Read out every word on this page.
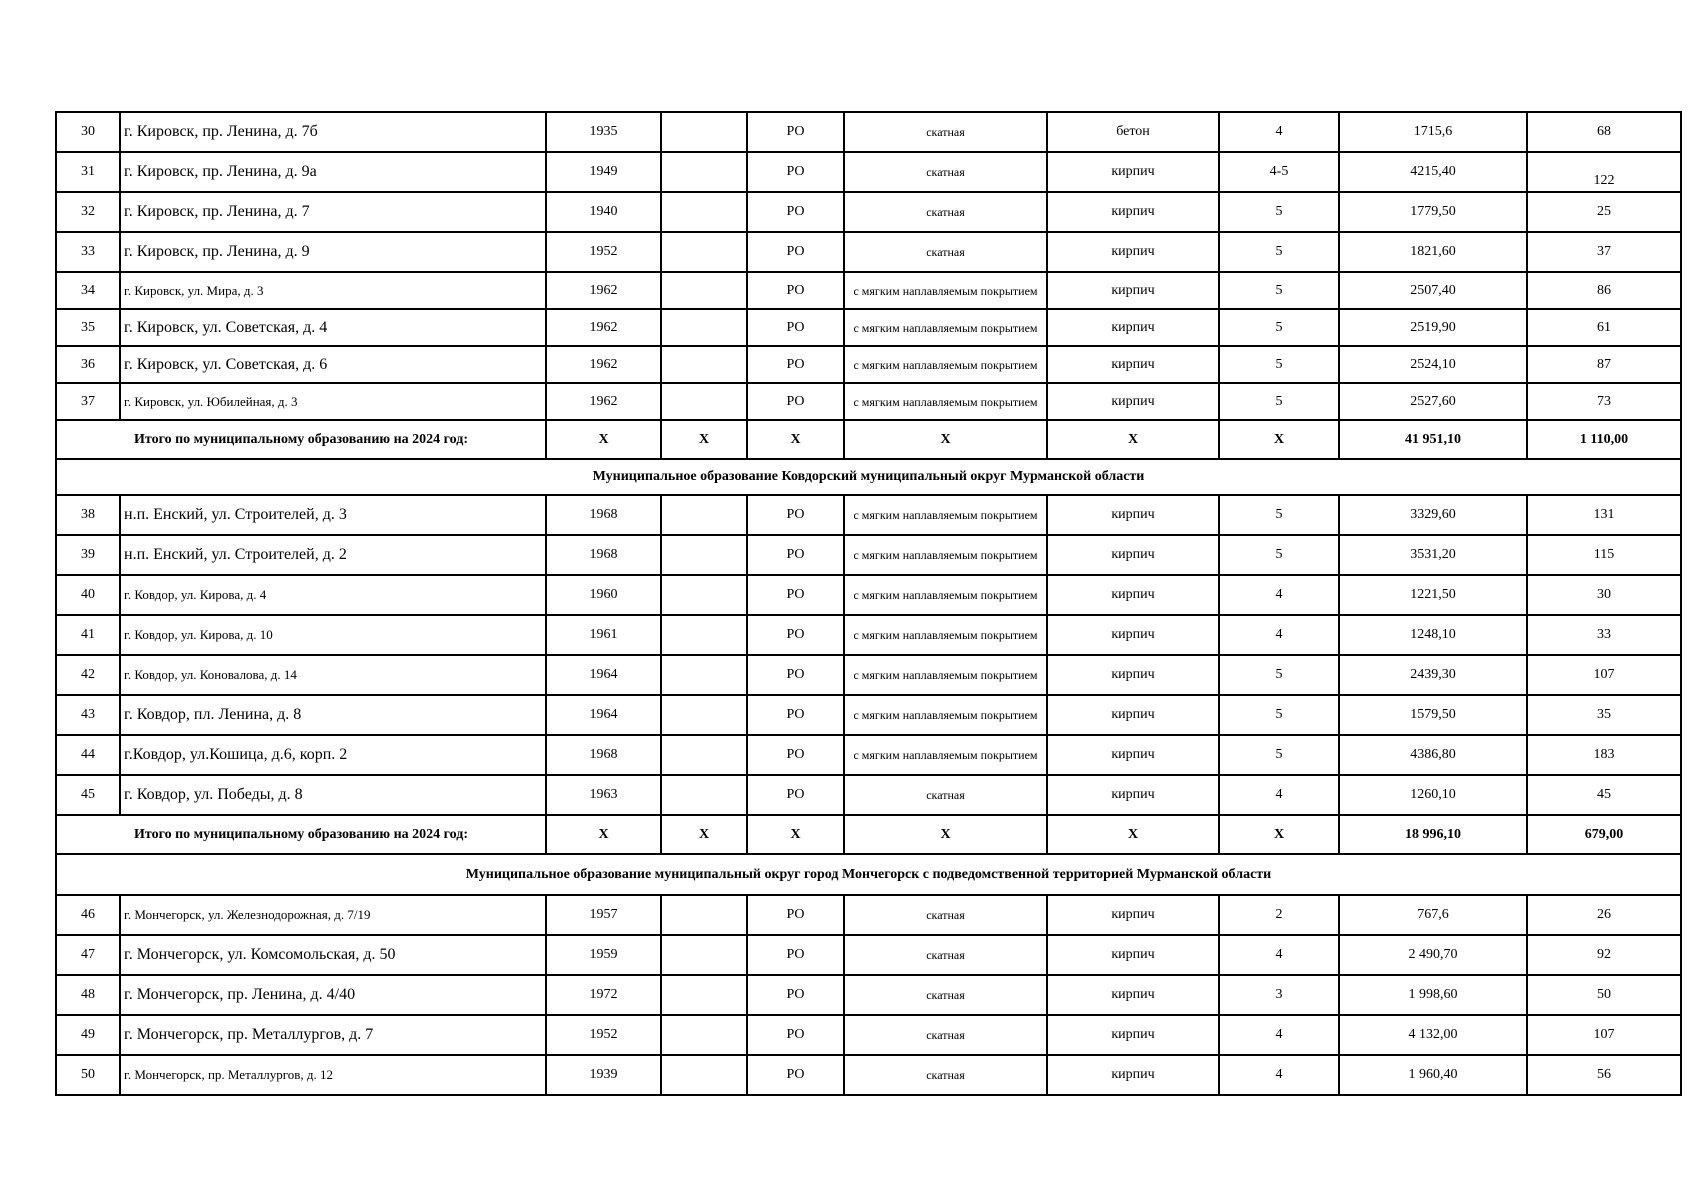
30	г. Кировск, пр. Ленина, д. 7б	1935		РО	скатная	бетон	4	1715,6	68
31	г. Кировск, пр. Ленина, д. 9а	1949		РО	скатная	кирпич	4-5	4215,40	122
32	г. Кировск, пр. Ленина, д. 7	1940		РО	скатная	кирпич	5	1779,50	25
33	г. Кировск, пр. Ленина, д. 9	1952		РО	скатная	кирпич	5	1821,60	37
34	г. Кировск, ул. Мира, д. 3	1962		РО	с мягким наплавляемым покрытием	кирпич	5	2507,40	86
35	г. Кировск, ул. Советская, д. 4	1962		РО	с мягким наплавляемым покрытием	кирпич	5	2519,90	61
36	г. Кировск, ул. Советская, д. 6	1962		РО	с мягким наплавляемым покрытием	кирпич	5	2524,10	87
37	г. Кировск, ул. Юбилейная, д. 3	1962		РО	с мягким наплавляемым покрытием	кирпич	5	2527,60	73
Итого по муниципальному образованию на 2024 год:		X	X	X	X	X	X	41 951,10	1 110,00
Муниципальное образование Ковдорский муниципальный округ Мурманской области									
38	н.п. Енский, ул. Строителей, д. 3	1968		РО	с мягким наплавляемым покрытием	кирпич	5	3329,60	131
39	н.п. Енский, ул. Строителей, д. 2	1968		РО	с мягким наплавляемым покрытием	кирпич	5	3531,20	115
40	г. Ковдор, ул. Кирова, д. 4	1960		РО	с мягким наплавляемым покрытием	кирпич	4	1221,50	30
41	г. Ковдор, ул. Кирова, д. 10	1961		РО	с мягким наплавляемым покрытием	кирпич	4	1248,10	33
42	г. Ковдор, ул. Коновалова, д. 14	1964		РО	с мягким наплавляемым покрытием	кирпич	5	2439,30	107
43	г. Ковдор, пл. Ленина, д. 8	1964		РО	с мягким наплавляемым покрытием	кирпич	5	1579,50	35
44	г.Ковдор, ул.Кошица, д.6, корп. 2	1968		РО	с мягким наплавляемым покрытием	кирпич	5	4386,80	183
45	г. Ковдор, ул. Победы, д. 8	1963		РО	скатная	кирпич	4	1260,10	45
Итого по муниципальному образованию на 2024 год:		X	X	X	X	X	X	18 996,10	679,00
Муниципальное образование муниципальный округ город Мончегорск с подведомственной территорией Мурманской области									
46	г. Мончегорск, ул. Железнодорожная, д. 7/19	1957		РО	скатная	кирпич	2	767,6	26
47	г. Мончегорск, ул. Комсомольская, д. 50	1959		РО	скатная	кирпич	4	2 490,70	92
48	г. Мончегорск, пр. Ленина, д. 4/40	1972		РО	скатная	кирпич	3	1 998,60	50
49	г. Мончегорск, пр. Металлургов, д. 7	1952		РО	скатная	кирпич	4	4 132,00	107
50	г. Мончегорск, пр. Металлургов, д. 12	1939		РО	скатная	кирпич	4	1 960,40	56
